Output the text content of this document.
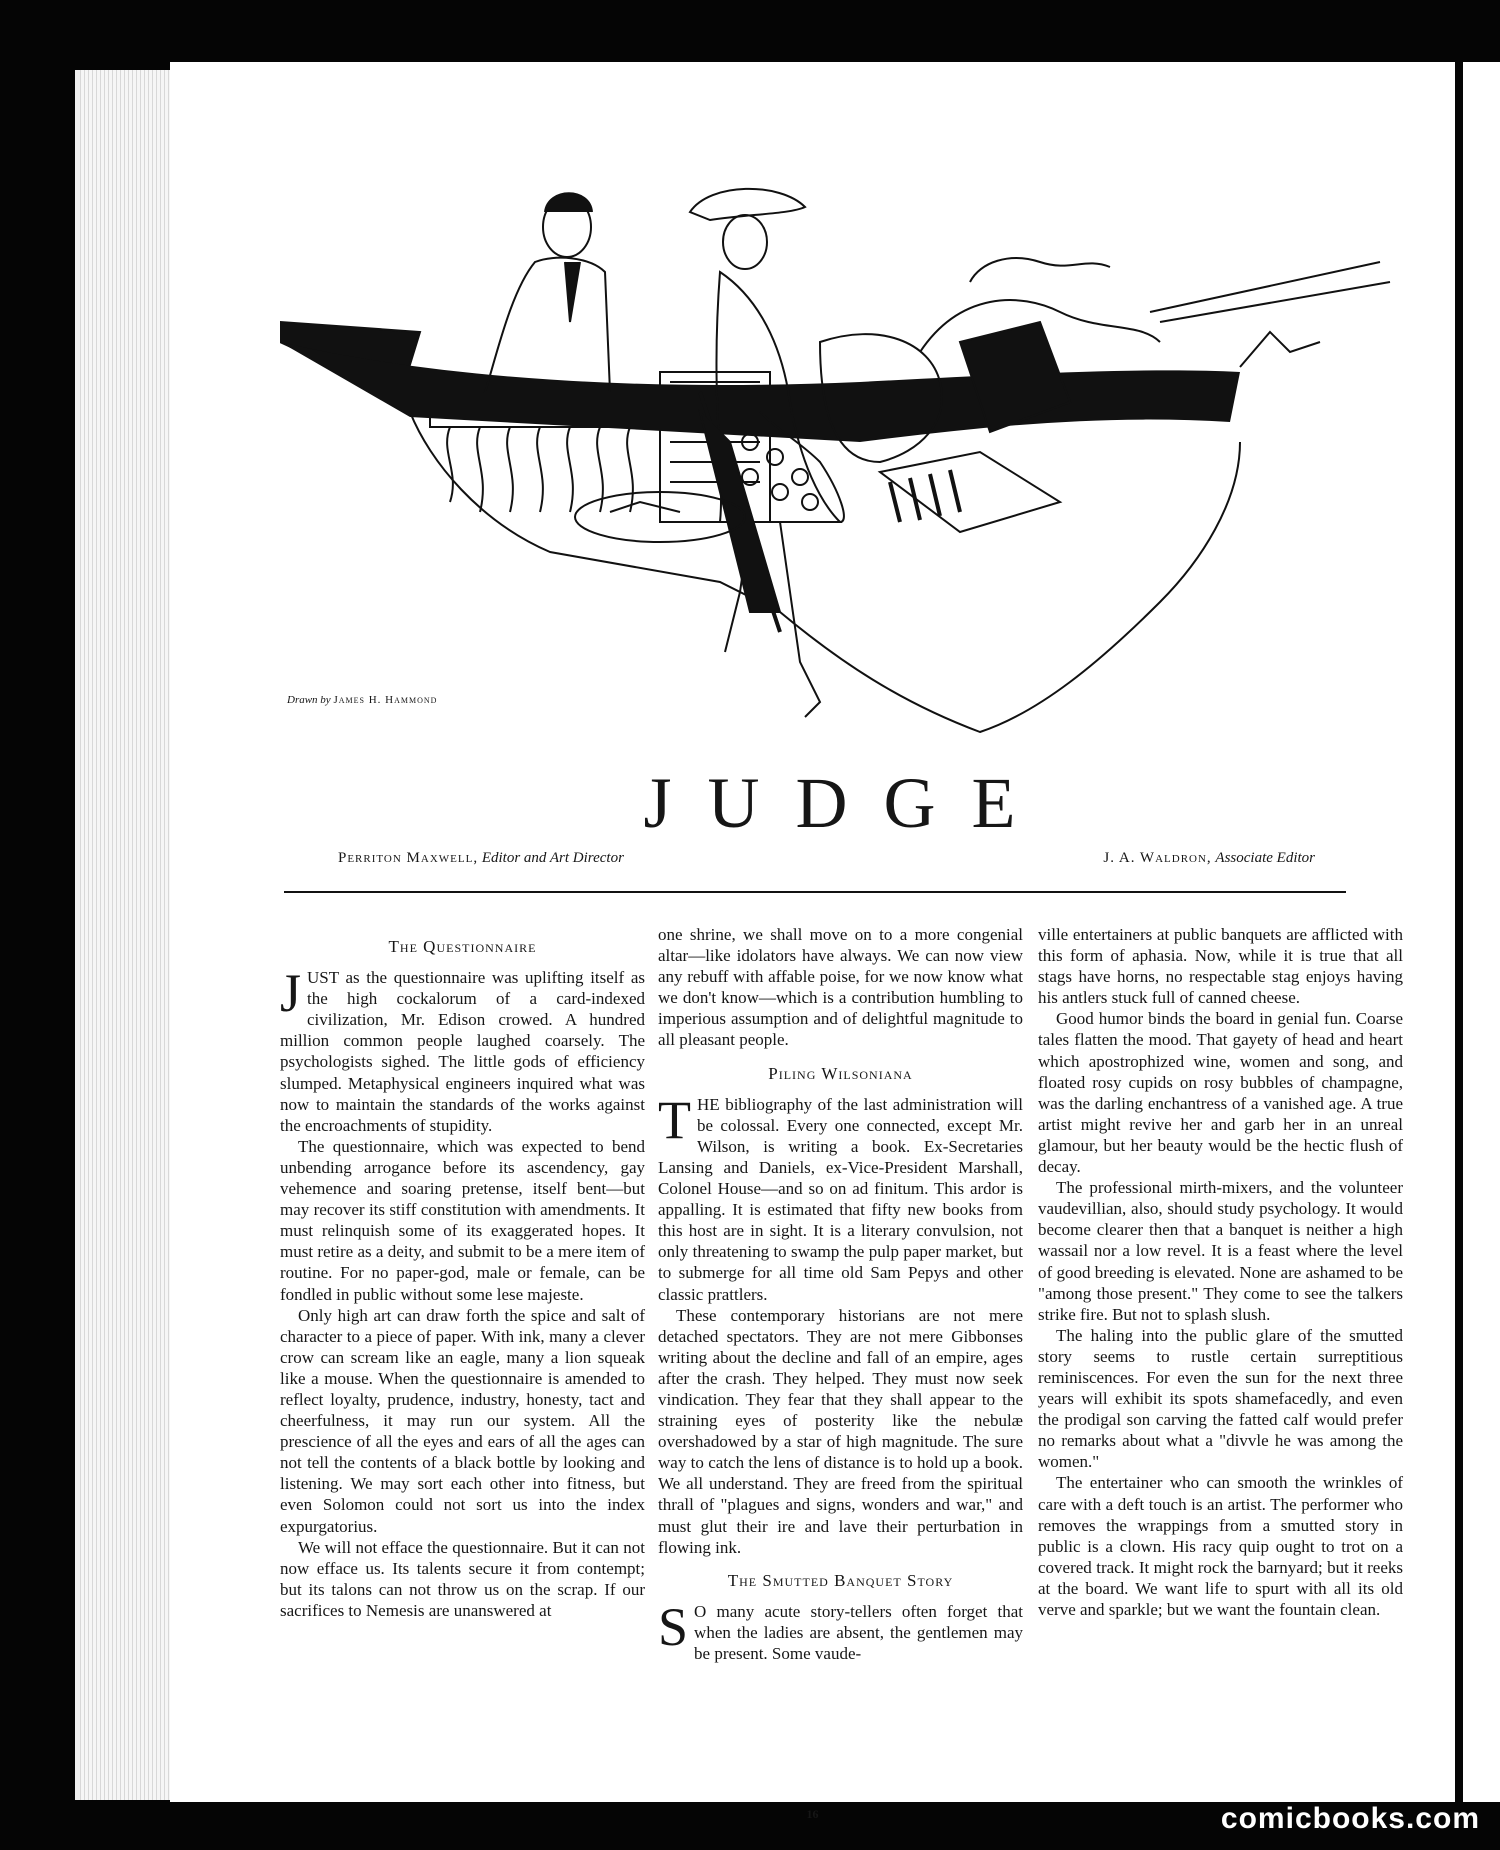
Drawn by James H. Hammond
JUDGE
Perriton Maxwell, Editor and Art Director	J. A. Waldron, Associate Editor
The Questionnaire

JUST as the questionnaire was uplifting itself as the high cockalorum of a card-indexed civilization, Mr. Edison crowed. A hundred million common people laughed coarsely. The psychologists sighed. The little gods of efficiency slumped. Metaphysical engineers inquired what was now to maintain the standards of the works against the encroachments of stupidity.

The questionnaire, which was expected to bend unbending arrogance before its ascendency, gay vehemence and soaring pretense, itself bent—but may recover its stiff constitution with amendments. It must relinquish some of its exaggerated hopes. It must retire as a deity, and submit to be a mere item of routine. For no paper-god, male or female, can be fondled in public without some lese majeste.

Only high art can draw forth the spice and salt of character to a piece of paper. With ink, many a clever crow can scream like an eagle, many a lion squeak like a mouse. When the questionnaire is amended to reflect loyalty, prudence, industry, honesty, tact and cheerfulness, it may run our system. All the prescience of all the eyes and ears of all the ages can not tell the contents of a black bottle by looking and listening. We may sort each other into fitness, but even Solomon could not sort us into the index expurgatorius.

We will not efface the questionnaire. But it can not now efface us. Its talents secure it from contempt; but its talons can not throw us on the scrap. If our sacrifices to Nemesis are unanswered at

one shrine, we shall move on to a more congenial altar—like idolators have always. We can now view any rebuff with affable poise, for we now know what we don't know—which is a contribution humbling to imperious assumption and of delightful magnitude to all pleasant people.

Piling Wilsoniana

THE bibliography of the last administration will be colossal. Every one connected, except Mr. Wilson, is writing a book. Ex-Secretaries Lansing and Daniels, ex-Vice-President Marshall, Colonel House—and so on ad finitum. This ardor is appalling. It is estimated that fifty new books from this host are in sight. It is a literary convulsion, not only threatening to swamp the pulp paper market, but to submerge for all time old Sam Pepys and other classic prattlers.

These contemporary historians are not mere detached spectators. They are not mere Gibbonses writing about the decline and fall of an empire, ages after the crash. They helped. They must now seek vindication. They fear that they shall appear to the straining eyes of posterity like the nebulæ overshadowed by a star of high magnitude. The sure way to catch the lens of distance is to hold up a book. We all understand. They are freed from the spiritual thrall of "plagues and signs, wonders and war," and must glut their ire and lave their perturbation in flowing ink.

The Smutted Banquet Story

S O many acute story-tellers often forget that when the ladies are absent, the gentlemen may be present. Some vaude-

ville entertainers at public banquets are afflicted with this form of aphasia. Now, while it is true that all stags have horns, no respectable stag enjoys having his antlers stuck full of canned cheese.

Good humor binds the board in genial fun. Coarse tales flatten the mood. That gayety of head and heart which apostrophized wine, women and song, and floated rosy cupids on rosy bubbles of champagne, was the darling enchantress of a vanished age. A true artist might revive her and garb her in an unreal glamour, but her beauty would be the hectic flush of decay.

The professional mirth-mixers, and the volunteer vaudevillian, also, should study psychology. It would become clearer then that a banquet is neither a high wassail nor a low revel. It is a feast where the level of good breeding is elevated. None are ashamed to be "among those present." They come to see the talkers strike fire. But not to splash slush.

The haling into the public glare of the smutted story seems to rustle certain surreptitious reminiscences. For even the sun for the next three years will exhibit its spots shamefacedly, and even the prodigal son carving the fatted calf would prefer no remarks about what a "divvle he was among the women."

The entertainer who can smooth the wrinkles of care with a deft touch is an artist. The performer who removes the wrappings from a smutted story in public is a clown. His racy quip ought to trot on a covered track. It might rock the barnyard; but it reeks at the board. We want life to spurt with all its old verve and sparkle; but we want the fountain clean.

16	comicbooks.com
